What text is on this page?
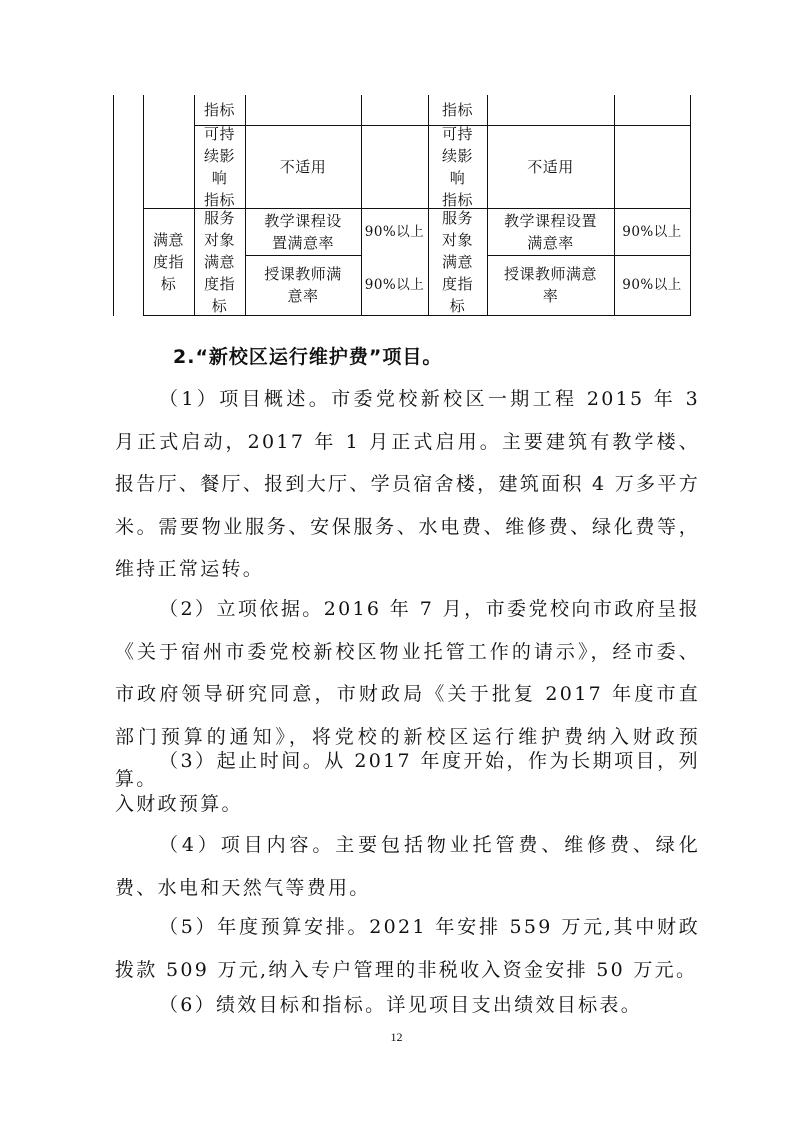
指标	指标
可持
续影
响
指标
不适用
可持
续影
响
指标
不适用
满意
度指
标
服务
对象
满意
度指
标
服务
对象
满意
度指
标
教学课程设
置满意率
90%以上
教学课程设置
满意率
90%以上
授课教师满
意率
90%以上
授课教师满意
率
90%以上
2.“新校区运行维护费”项目。

（1）项目概述。市委党校新校区一期工程 2015 年 3 月正式启动，2017 年 1 月正式启用。主要建筑有教学楼、报告厅、餐厅、报到大厅、学员宿舍楼，建筑面积 4 万多平方米。需要物业服务、安保服务、水电费、维修费、绿化费等，维持正常运转。

（2）立项依据。2016 年 7 月，市委党校向市政府呈报《关于宿州市委党校新校区物业托管工作的请示》，经市委、市政府领导研究同意，市财政局《关于批复 2017 年度市直部门预算的通知》，将党校的新校区运行维护费纳入财政预算。

（3）起止时间。从 2017 年度开始，作为长期项目，列入财政预算。

（4）项目内容。主要包括物业托管费、维修费、绿化费、水电和天然气等费用。

（5）年度预算安排。2021 年安排 559 万元,其中财政拨款 509 万元,纳入专户管理的非税收入资金安排 50 万元。

（6）绩效目标和指标。详见项目支出绩效目标表。

12
